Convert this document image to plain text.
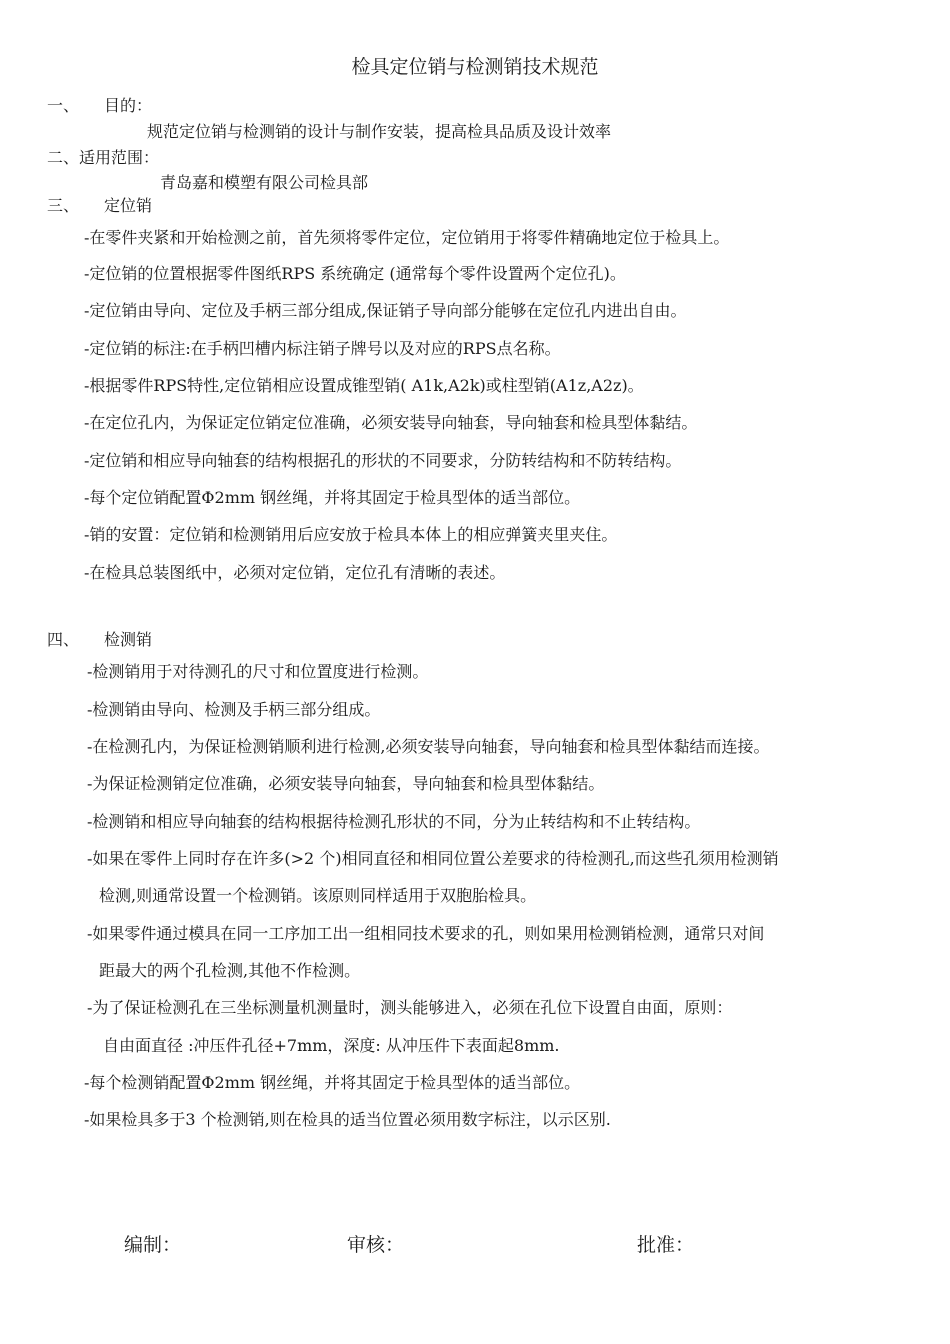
检具定位销与检测销技术规范
一、 目的：
规范定位销与检测销的设计与制作安装，提高检具品质及设计效率
二、适用范围：
青岛嘉和模塑有限公司检具部
三、 定位销
-在零件夹紧和开始检测之前，首先须将零件定位，定位销用于将零件精确地定位于检具上。
-定位销的位置根据零件图纸RPS 系统确定 (通常每个零件设置两个定位孔)。
-定位销由导向、定位及手柄三部分组成,保证销子导向部分能够在定位孔内进出自由。
-定位销的标注:在手柄凹槽内标注销子牌号以及对应的RPS点名称。
-根据零件RPS特性,定位销相应设置成锥型销( A1k,A2k)或柱型销(A1z,A2z)。
-在定位孔内，为保证定位销定位准确，必须安装导向轴套，导向轴套和检具型体黏结。
-定位销和相应导向轴套的结构根据孔的形状的不同要求，分防转结构和不防转结构。
-每个定位销配置Φ2mm 钢丝绳，并将其固定于检具型体的适当部位。
-销的安置：定位销和检测销用后应安放于检具本体上的相应弹簧夹里夹住。
-在检具总装图纸中，必须对定位销，定位孔有清晰的表述。
四、 检测销
-检测销用于对待测孔的尺寸和位置度进行检测。
-检测销由导向、检测及手柄三部分组成。
-在检测孔内，为保证检测销顺利进行检测,必须安装导向轴套，导向轴套和检具型体黏结而连接。
-为保证检测销定位准确，必须安装导向轴套，导向轴套和检具型体黏结。
-检测销和相应导向轴套的结构根据待检测孔形状的不同，分为止转结构和不止转结构。
-如果在零件上同时存在许多(>2 个)相同直径和相同位置公差要求的待检测孔,而这些孔须用检测销
检测,则通常设置一个检测销。该原则同样适用于双胞胎检具。
-如果零件通过模具在同一工序加工出一组相同技术要求的孔，则如果用检测销检测，通常只对间
距最大的两个孔检测,其他不作检测。
-为了保证检测孔在三坐标测量机测量时，测头能够进入，必须在孔位下设置自由面，原则：
自由面直径 :冲压件孔径+7mm，深度: 从冲压件下表面起8mm.
-每个检测销配置Φ2mm 钢丝绳，并将其固定于检具型体的适当部位。
-如果检具多于3 个检测销,则在检具的适当位置必须用数字标注，以示区别.
编制：	审核：	批准：
